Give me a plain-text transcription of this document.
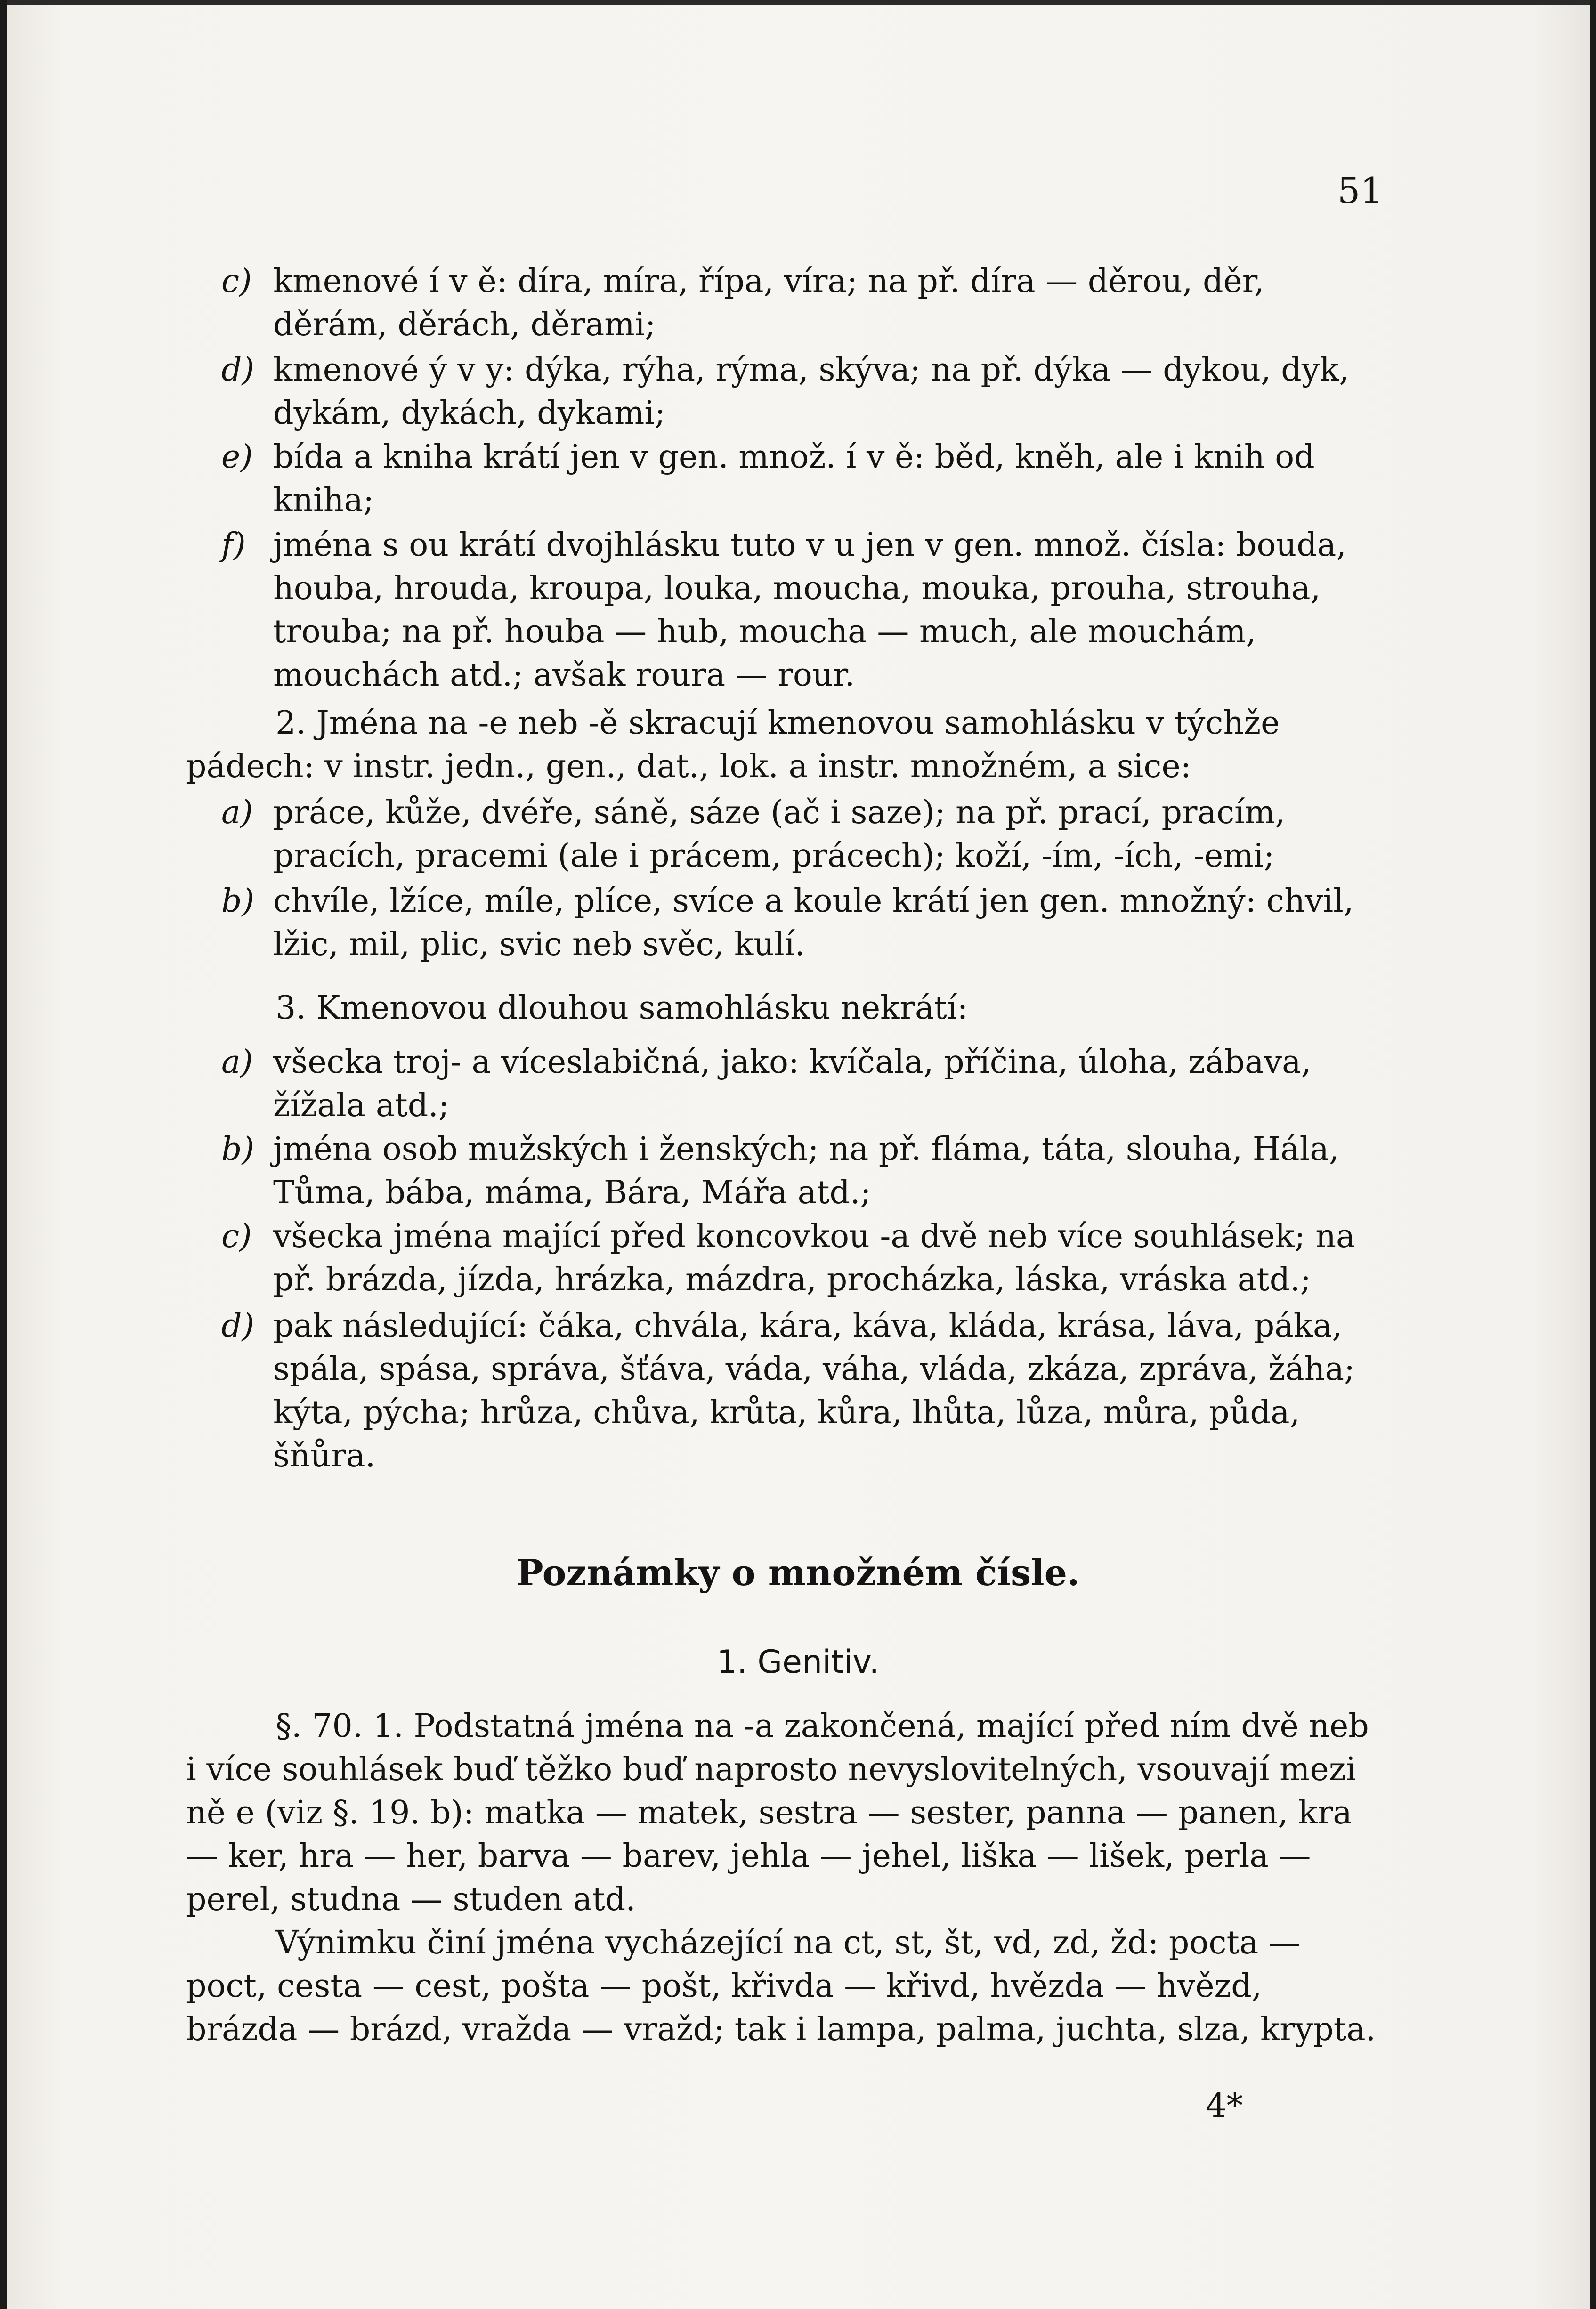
51
c) kmenové í v ě: díra, míra, řípa, víra; na př. díra — děrou, děr, děrám, děrách, děrami;
d) kmenové ý v y: dýka, rýha, rýma, skýva; na př. dýka — dykou, dyk, dykám, dykách, dykami;
e) bída a kniha krátí jen v gen. množ. í v ě: běd, kněh, ale i knih od kniha;
f) jména s ou krátí dvojhlásku tuto v u jen v gen. množ. čísla: bouda, houba, hrouda, kroupa, louka, moucha, mouka, prouha, strouha, trouba; na př. houba — hub, moucha — much, ale mouchám, mouchách atd.; avšak roura — rour.
2. Jména na -e neb -ě skracují kmenovou samohlásku v týchže pádech: v instr. jedn., gen., dat., lok. a instr. množném, a sice:
a) práce, kůže, dvéře, sáně, sáze (ač i saze); na př. prací, pracím, pracích, pracemi (ale i prácem, prácech); koží, -ím, -ích, -emi;
b) chvíle, lžíce, míle, plíce, svíce a koule krátí jen gen. množný: chvil, lžic, mil, plic, svic neb svěc, kulí.
3. Kmenovou dlouhou samohlásku nekrátí:
a) všecka troj- a víceslabičná, jako: kvíčala, příčina, úloha, zábava, žížala atd.;
b) jména osob mužských i ženských; na př. fláma, táta, slouha, Hála, Tůma, bába, máma, Bára, Mářa atd.;
c) všecka jména mající před koncovkou -a dvě neb více souhlásek; na př. brázda, jízda, hrázka, mázdra, procházka, láska, vráska atd.;
d) pak následující: čáka, chvála, kára, káva, kláda, krása, láva, páka, spála, spása, správa, šťáva, váda, váha, vláda, zkáza, zpráva, žáha; kýta, pýcha; hrůza, chůva, krůta, kůra, lhůta, lůza, můra, půda, šňůra.
Poznámky o množném čísle.
1. Genitiv.
§. 70. 1. Podstatná jména na -a zakončená, mající před ním dvě neb i více souhlásek buď těžko buď naprosto nevyslovitelných, vsouvají mezi ně e (viz §. 19. b): matka — matek, sestra — sester, panna — panen, kra — ker, hra — her, barva — barev, jehla — jehel, liška — lišek, perla — perel, studna — studen atd.
Výnimku činí jména vycházející na ct, st, št, vd, zd, žd: pocta — poct, cesta — cest, pošta — pošt, křivda — křivd, hvězda — hvězd, brázda — brázd, vražda — vražd; tak i lampa, palma, juchta, slza, krypta.
4*
